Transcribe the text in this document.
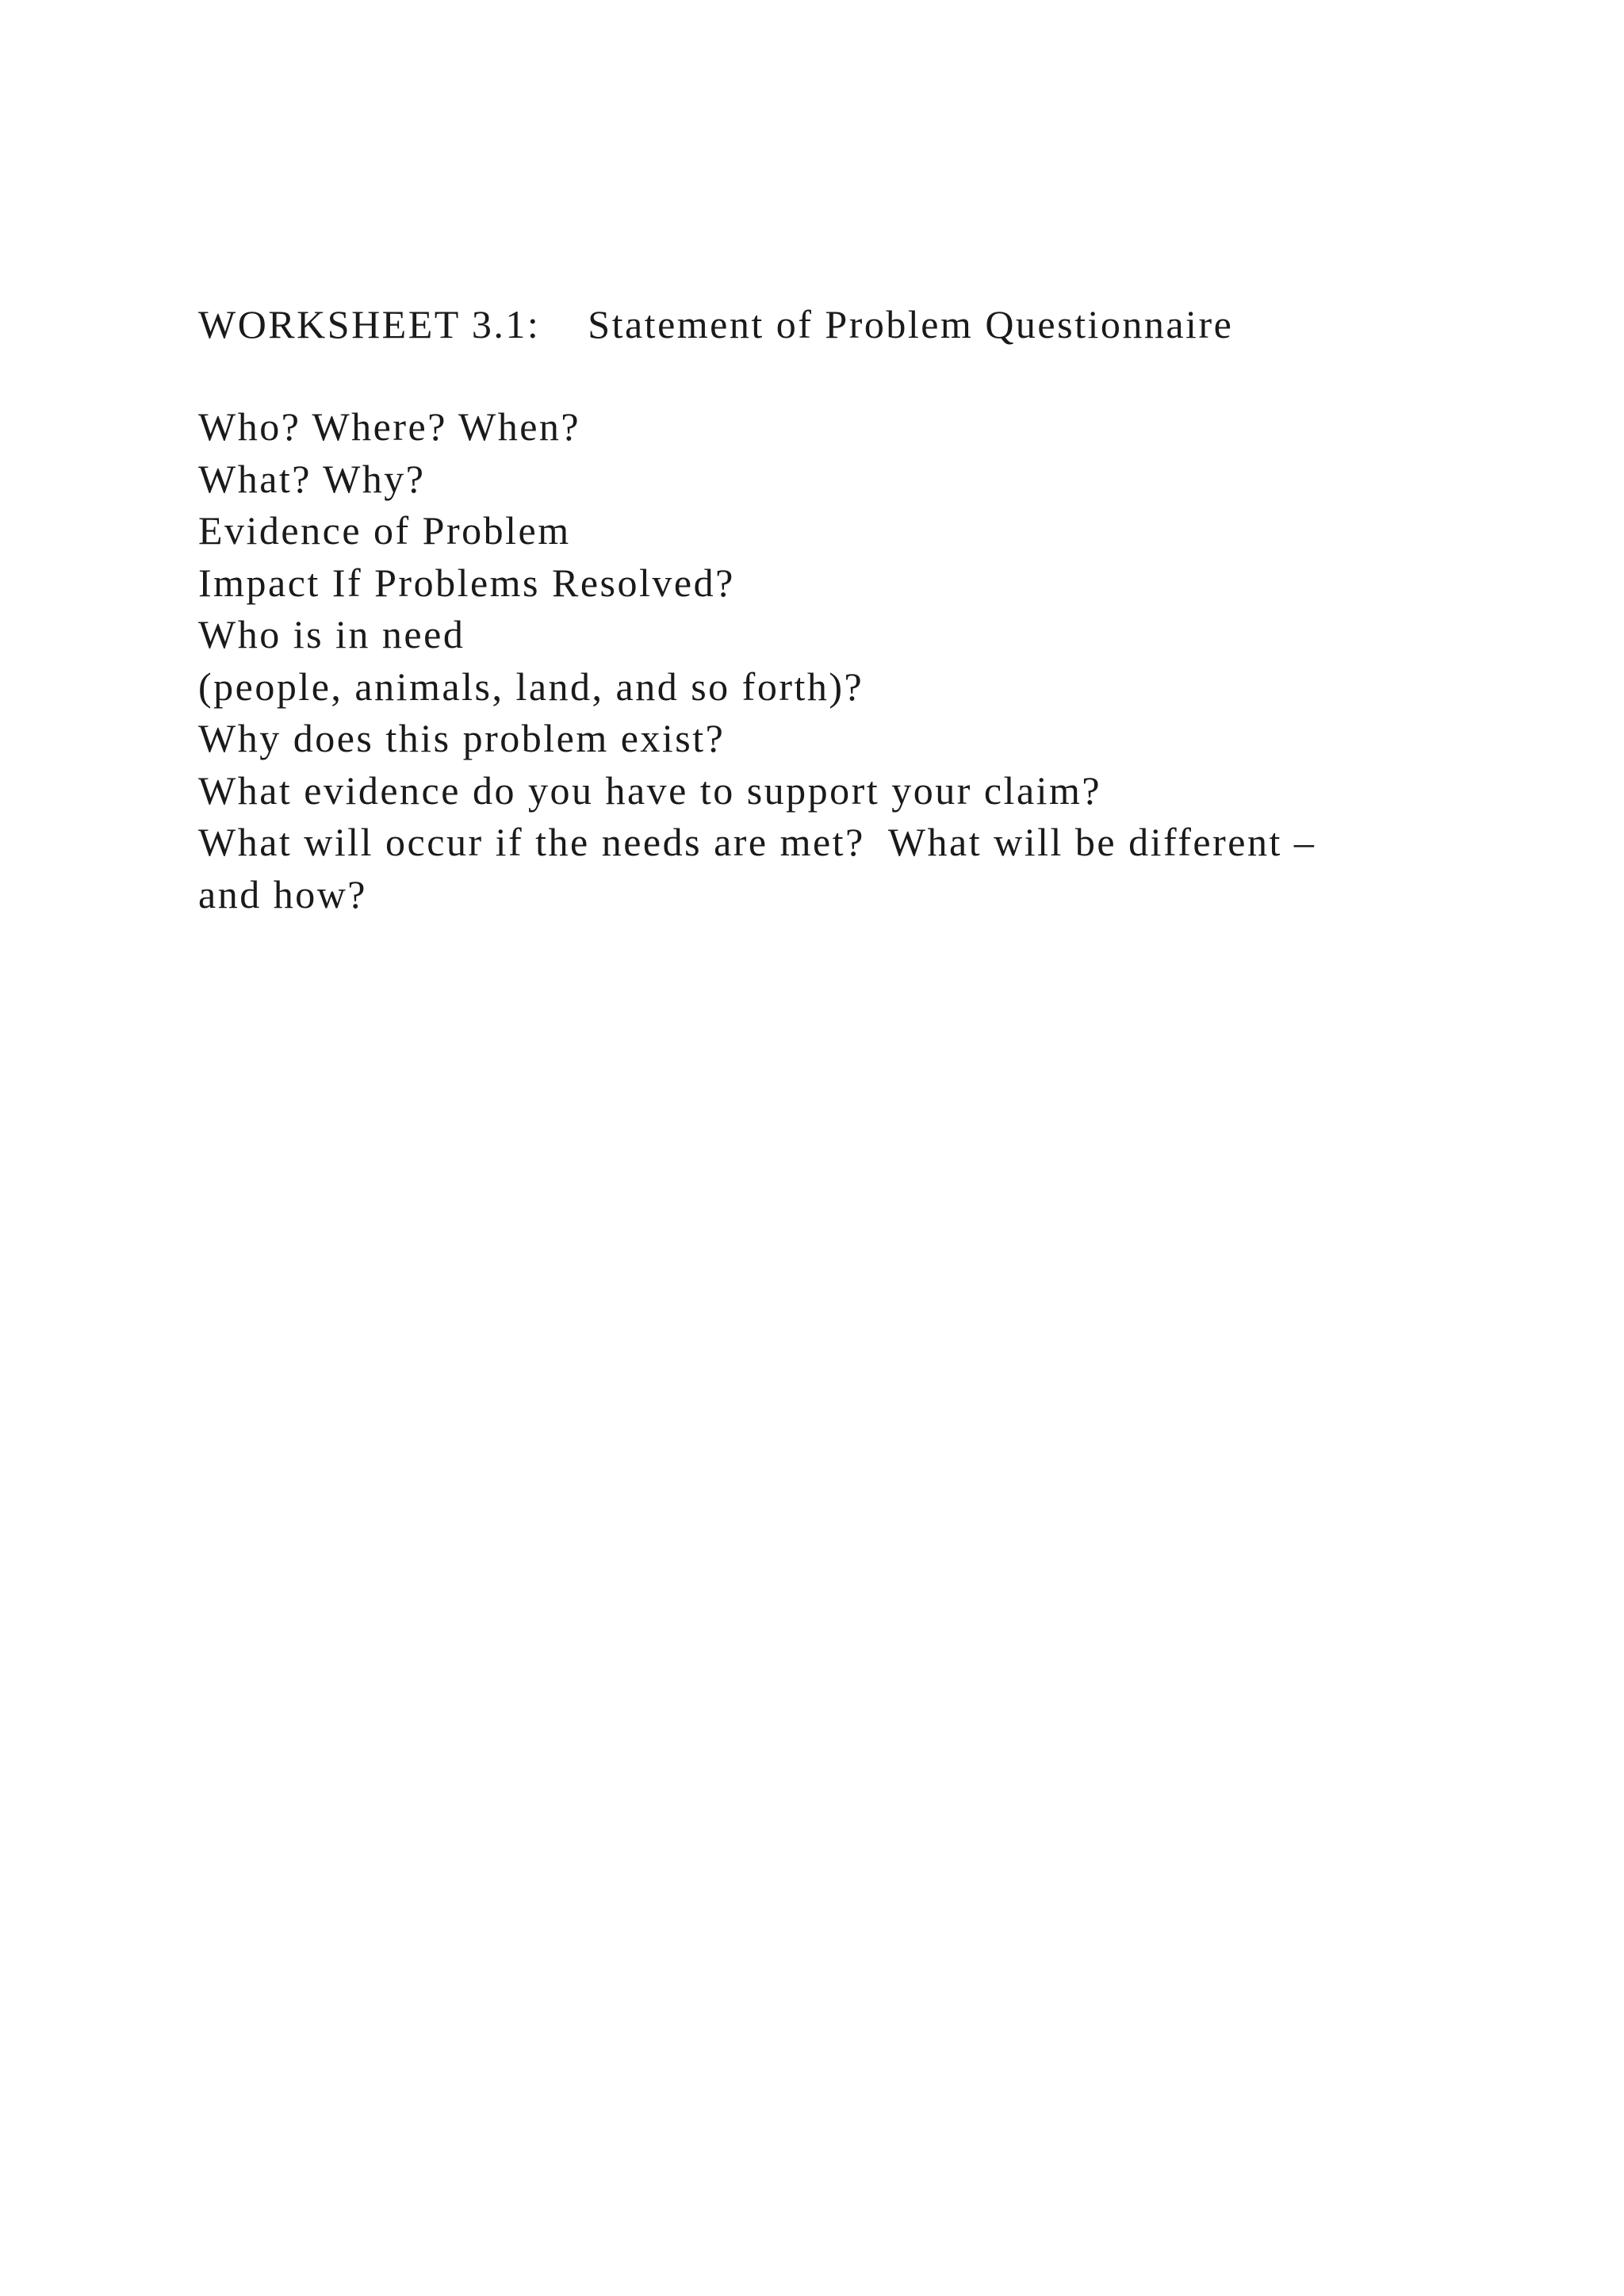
WORKSHEET 3.1:    Statement of Problem Questionnaire
Who? Where? When?
What? Why?
Evidence of Problem
Impact If Problems Resolved?
Who is in need
(people, animals, land, and so forth)?
Why does this problem exist?
What evidence do you have to support your claim?
What will occur if the needs are met?  What will be different –
and how?
